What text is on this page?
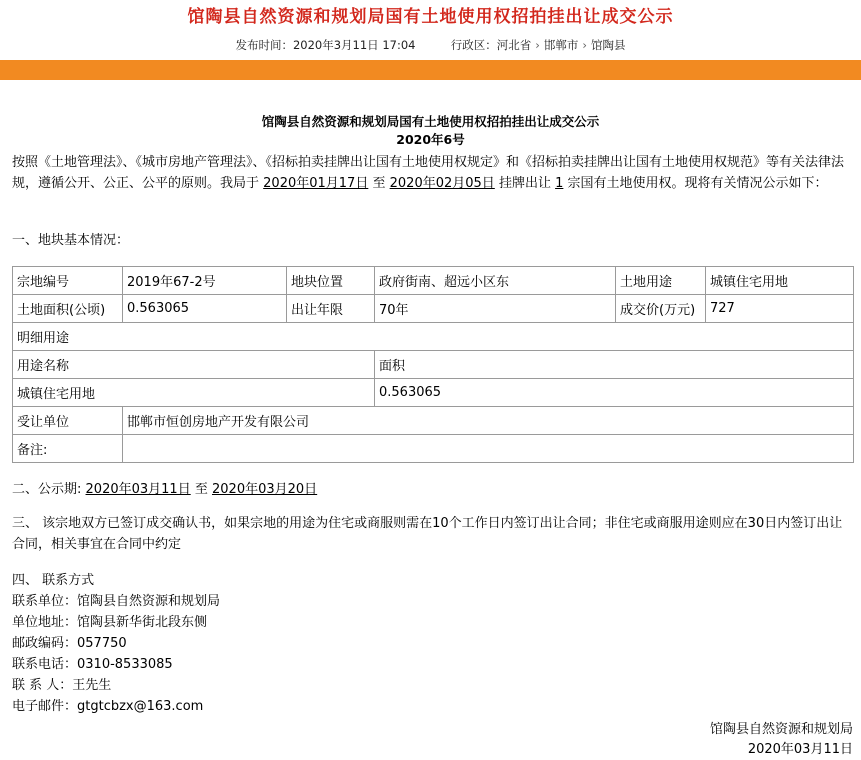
馆陶县自然资源和规划局国有土地使用权招拍挂出让成交公示
发布时间：2020年3月11日 17:04	行政区：河北省 › 邯郸市 › 馆陶县
馆陶县自然资源和规划局国有土地使用权招拍挂出让成交公示
2020年6号
按照《土地管理法》、《城市房地产管理法》、《招标拍卖挂牌出让国有土地使用权规定》和《招标拍卖挂牌出让国有土地使用权规范》等有关法律法规，遵循公开、公正、公平的原则。我局于 2020年01月17日 至 2020年02月05日 挂牌出让 1 宗国有土地使用权。现将有关情况公示如下：
一、地块基本情况：
宗地编号	2019年67-2号	地块位置	政府街南、超远小区东	土地用途	城镇住宅用地
土地面积(公顷)	0.563065	出让年限	70年	成交价(万元)	727
明细用途					
用途名称			面积		
城镇住宅用地			0.563065		
受让单位	邯郸市恒创房地产开发有限公司				
备注:					
二、公示期: 2020年03月11日 至 2020年03月20日
三、 该宗地双方已签订成交确认书，如果宗地的用途为住宅或商服则需在10个工作日内签订出让合同；非住宅或商服用途则应在30日内签订出让合同，相关事宜在合同中约定
四、 联系方式
联系单位：馆陶县自然资源和规划局
单位地址：馆陶县新华街北段东侧
邮政编码：057750
联系电话：0310-8533085
联 系 人：王先生
电子邮件：gtgtcbzx@163.com
馆陶县自然资源和规划局
2020年03月11日
